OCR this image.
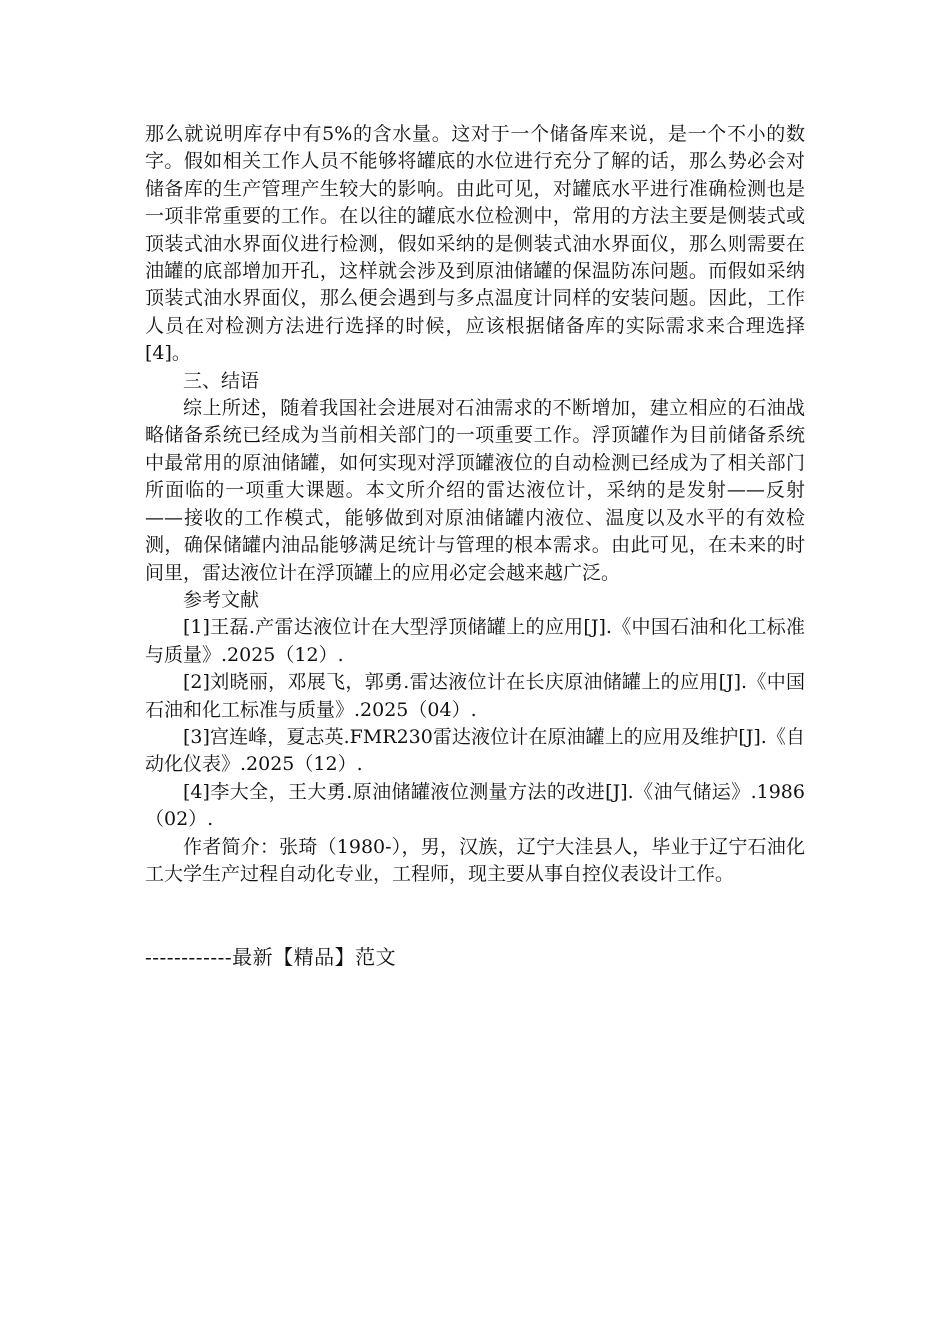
那么就说明库存中有5%的含水量。这对于一个储备库来说，是一个不小的数字。假如相关工作人员不能够将罐底的水位进行充分了解的话，那么势必会对储备库的生产管理产生较大的影响。由此可见，对罐底水平进行准确检测也是一项非常重要的工作。在以往的罐底水位检测中，常用的方法主要是侧装式或顶装式油水界面仪进行检测，假如采纳的是侧装式油水界面仪，那么则需要在油罐的底部增加开孔，这样就会涉及到原油储罐的保温防冻问题。而假如采纳顶装式油水界面仪，那么便会遇到与多点温度计同样的安装问题。因此，工作人员在对检测方法进行选择的时候，应该根据储备库的实际需求来合理选择[4]。

三、结语

综上所述，随着我国社会进展对石油需求的不断增加，建立相应的石油战略储备系统已经成为当前相关部门的一项重要工作。浮顶罐作为目前储备系统中最常用的原油储罐，如何实现对浮顶罐液位的自动检测已经成为了相关部门所面临的一项重大课题。本文所介绍的雷达液位计，采纳的是发射——反射——接收的工作模式，能够做到对原油储罐内液位、温度以及水平的有效检测，确保储罐内油品能够满足统计与管理的根本需求。由此可见，在未来的时间里，雷达液位计在浮顶罐上的应用必定会越来越广泛。

参考文献

[1]王磊.产雷达液位计在大型浮顶储罐上的应用[J].《中国石油和化工标准与质量》.2025（12）.

[2]刘晓丽，邓展飞，郭勇.雷达液位计在长庆原油储罐上的应用[J].《中国石油和化工标准与质量》.2025（04）.

[3]宫连峰，夏志英.FMR230雷达液位计在原油罐上的应用及维护[J].《自动化仪表》.2025（12）.

[4]李大全，王大勇.原油储罐液位测量方法的改进[J].《油气储运》.1986（02）.

作者简介：张琦（1980-），男，汉族，辽宁大洼县人，毕业于辽宁石油化工大学生产过程自动化专业，工程师，现主要从事自控仪表设计工作。

------------最新【精品】范文
